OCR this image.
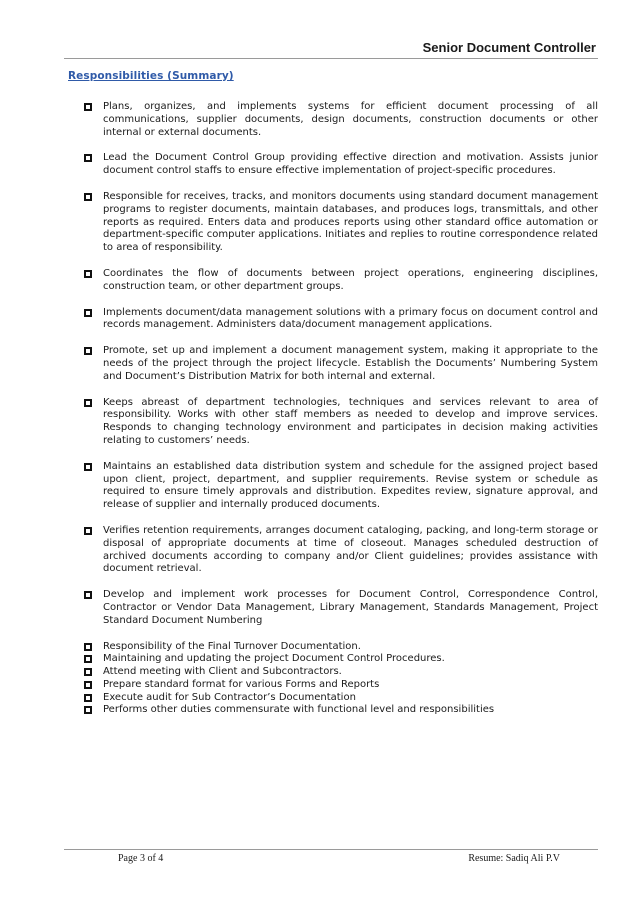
Senior Document Controller
Responsibilities (Summary)
Plans, organizes, and implements systems for efficient document processing of all communications, supplier documents, design documents, construction documents or other internal or external documents.
Lead the Document Control Group providing effective direction and motivation. Assists junior document control staffs to ensure effective implementation of project-specific procedures.
Responsible for receives, tracks, and monitors documents using standard document management programs to register documents, maintain databases, and produces logs, transmittals, and other reports as required. Enters data and produces reports using other standard office automation or department-specific computer applications. Initiates and replies to routine correspondence related to area of responsibility.
Coordinates the flow of documents between project operations, engineering disciplines, construction team, or other department groups.
Implements document/data management solutions with a primary focus on document control and records management. Administers data/document management applications.
Promote, set up and implement a document management system, making it appropriate to the needs of the project through the project lifecycle. Establish the Documents’ Numbering System and Document’s Distribution Matrix for both internal and external.
Keeps abreast of department technologies, techniques and services relevant to area of responsibility. Works with other staff members as needed to develop and improve services. Responds to changing technology environment and participates in decision making activities relating to customers’ needs.
Maintains an established data distribution system and schedule for the assigned project based upon client, project, department, and supplier requirements. Revise system or schedule as required to ensure timely approvals and distribution. Expedites review, signature approval, and release of supplier and internally produced documents.
Verifies retention requirements, arranges document cataloging, packing, and long-term storage or disposal of appropriate documents at time of closeout. Manages scheduled destruction of archived documents according to company and/or Client guidelines; provides assistance with document retrieval.
Develop and implement work processes for Document Control, Correspondence Control, Contractor or Vendor Data Management, Library Management, Standards Management, Project Standard Document Numbering
Responsibility of the Final Turnover Documentation.
Maintaining and updating the project Document Control Procedures.
Attend meeting with Client and Subcontractors.
Prepare standard format for various Forms and Reports
Execute audit for Sub Contractor’s Documentation
Performs other duties commensurate with functional level and responsibilities
Page 3 of 4	Resume: Sadiq Ali P.V
